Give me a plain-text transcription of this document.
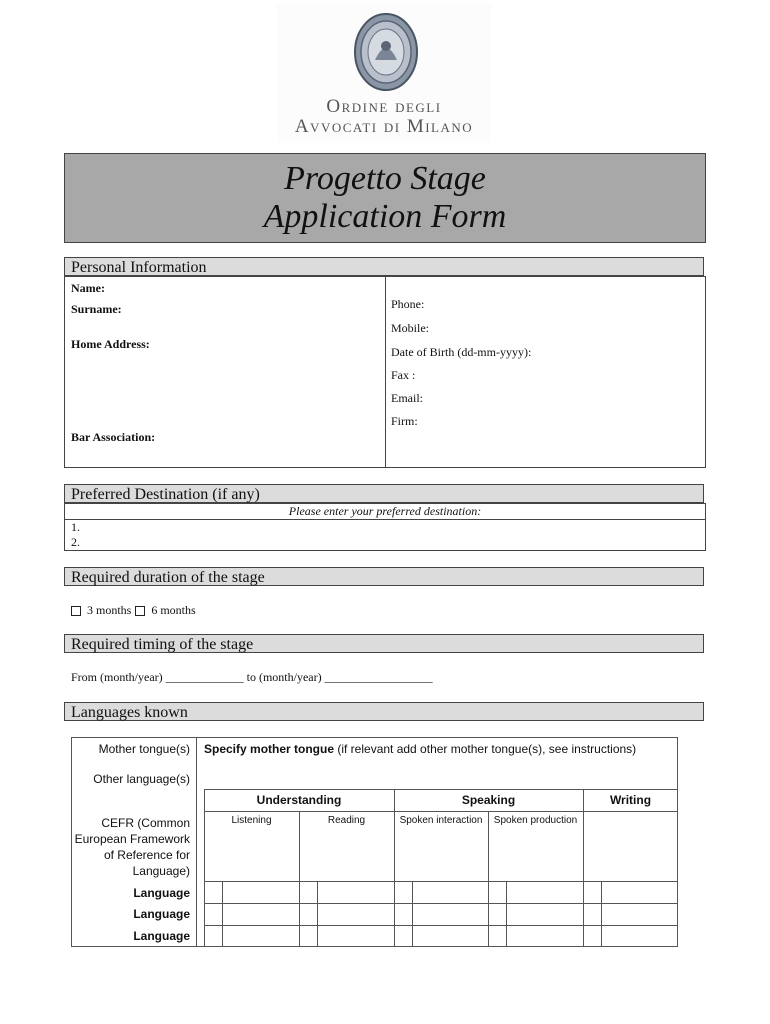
Ordine degli
Avvocati di Milano
Progetto Stage
Application Form
Personal Information
Name:
Surname:
Home Address:
Bar Association:
Phone:
Mobile:
Date of Birth (dd-mm-yyyy):
Fax :
Email:
Firm:
Preferred Destination (if any)
Please enter your preferred destination:
1.
2.
Required duration of the stage
3 months 6 months
Required timing of the stage
From (month/year) _____________ to (month/year) __________________
Languages known
Mother tongue(s) Specify mother tongue (if relevant add other mother tongue(s), see instructions)
Other language(s)
CEFR (Common European Framework of Reference for Language)
Understanding	Speaking	Writing
Listening	Reading	Spoken interaction	Spoken production
Language
Language
Language
